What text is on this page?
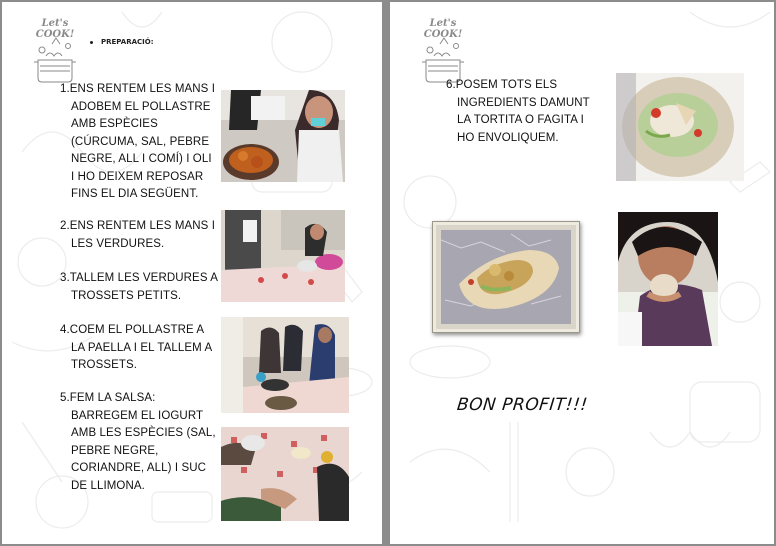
Let's COOK!
PREPARACIÓ:
1.ENS RENTEM LES MANS I
ADOBEM EL POLLASTRE
AMB ESPÈCIES
(CÚRCUMA, SAL, PEBRE
NEGRE, ALL I COMÍ) I OLI
I HO DEIXEM REPOSAR
FINS EL DIA SEGÜENT.
2.ENS RENTEM LES MANS I
LES VERDURES.
3.TALLEM LES VERDURES A
TROSSETS PETITS.
4.COEM EL POLLASTRE A
LA PAELLA I EL TALLEM A
TROSSETS.
5.FEM LA SALSA:
BARREGEM EL IOGURT
AMB LES ESPÈCIES (SAL,
PEBRE NEGRE,
CORIANDRE, ALL) I SUC
DE LLIMONA.
Let's COOK!
6.POSEM TOTS ELS
INGREDIENTS DAMUNT
LA TORTITA O FAGITA I
HO ENVOLIQUEM.
BON PROFIT!!!
